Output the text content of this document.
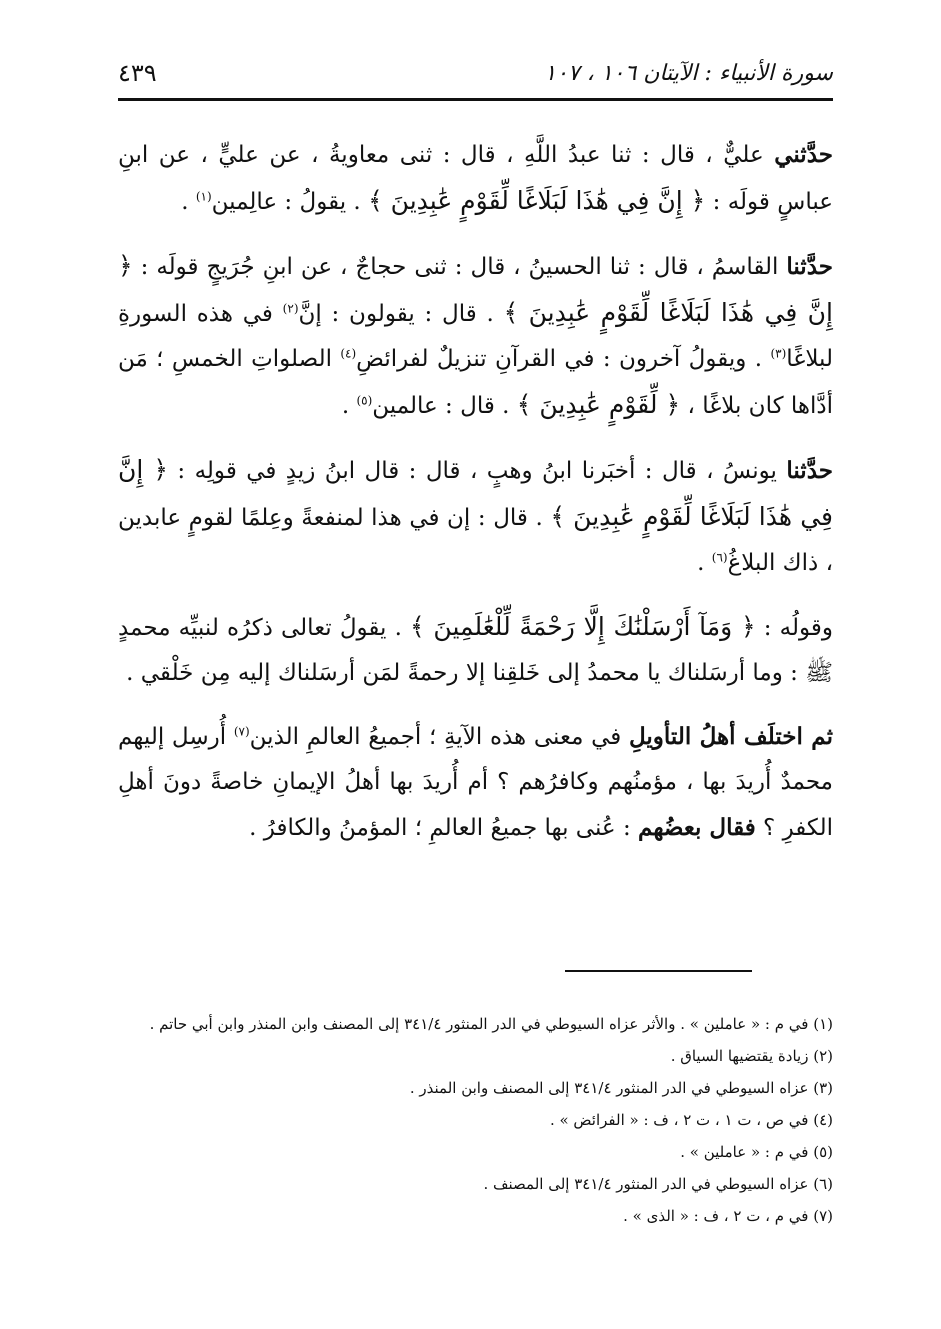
سورة الأنبياء : الآيتان ١٠٦ ، ١٠٧
٤٣٩

حدَّثني عليٌّ ، قال : ثنا عبدُ اللَّهِ ، قال : ثنى معاويةُ ، عن عليٍّ ، عن ابنِ عباسٍ قولَه : ﴿ إِنَّ فِي هَٰذَا لَبَلَاغًا لِّقَوْمٍ عَٰبِدِينَ ﴾ . يقولُ : عالِمين$^{(١)}$ .

حدَّثنا القاسمُ ، قال : ثنا الحسينُ ، قال : ثنى حجاجٌ ، عن ابنِ جُرَيجٍ قولَه : ﴿ إِنَّ فِي هَٰذَا لَبَلَاغًا لِّقَوْمٍ عَٰبِدِينَ ﴾ . قال : يقولون : إنَّ$^{(٢)}$ في هذه السورةِ لبلاغًا$^{(٣)}$ . ويقولُ آخرون : في القرآنِ تنزيلٌ لفرائضِ$^{(٤)}$ الصلواتِ الخمسِ ؛ مَن أدَّاها كان بلاغًا ، ﴿ لِّقَوْمٍ عَٰبِدِينَ ﴾ . قال : عالمين$^{(٥)}$ .

حدَّثنا يونسُ ، قال : أخبَرنا ابنُ وهبٍ ، قال : قال ابنُ زيدٍ في قولِه : ﴿ إِنَّ فِي هَٰذَا لَبَلَاغًا لِّقَوْمٍ عَٰبِدِينَ ﴾ . قال : إن في هذا لمنفعةً وعِلمًا لقومٍ عابدين ، ذاك البلاغُ$^{(٦)}$ .

وقولُه : ﴿ وَمَآ أَرْسَلْنَٰكَ إِلَّا رَحْمَةً لِّلْعَٰلَمِينَ ﴾ . يقولُ تعالى ذكرُه لنبيِّه محمدٍ ﷺ : وما أرسَلناك يا محمدُ إلى خَلقِنا إلا رحمةً لمَن أرسَلناك إليه مِن خَلْقي .

ثم اختلَف أهلُ التأويلِ في معنى هذه الآيةِ ؛ أجميعُ العالمِ الذين$^{(٧)}$ أُرسِل إليهم محمدٌ أُريدَ بها ، مؤمنُهم وكافرُهم ؟ أم أُريدَ بها أهلُ الإيمانِ خاصةً دونَ أهلِ الكفرِ ؟ فقال بعضُهم : عُنى بها جميعُ العالمِ ؛ المؤمنُ والكافرُ .

(١) في م : « عاملين » . والأثر عزاه السيوطي في الدر المنثور ٣٤١/٤ إلى المصنف وابن المنذر وابن أبي حاتم .
(٢) زيادة يقتضيها السياق .
(٣) عزاه السيوطي في الدر المنثور ٣٤١/٤ إلى المصنف وابن المنذر .
(٤) في ص ، ت ١ ، ت ٢ ، ف : « الفرائض » .
(٥) في م : « عاملين » .
(٦) عزاه السيوطي في الدر المنثور ٣٤١/٤ إلى المصنف .
(٧) في م ، ت ٢ ، ف : « الذى » .
